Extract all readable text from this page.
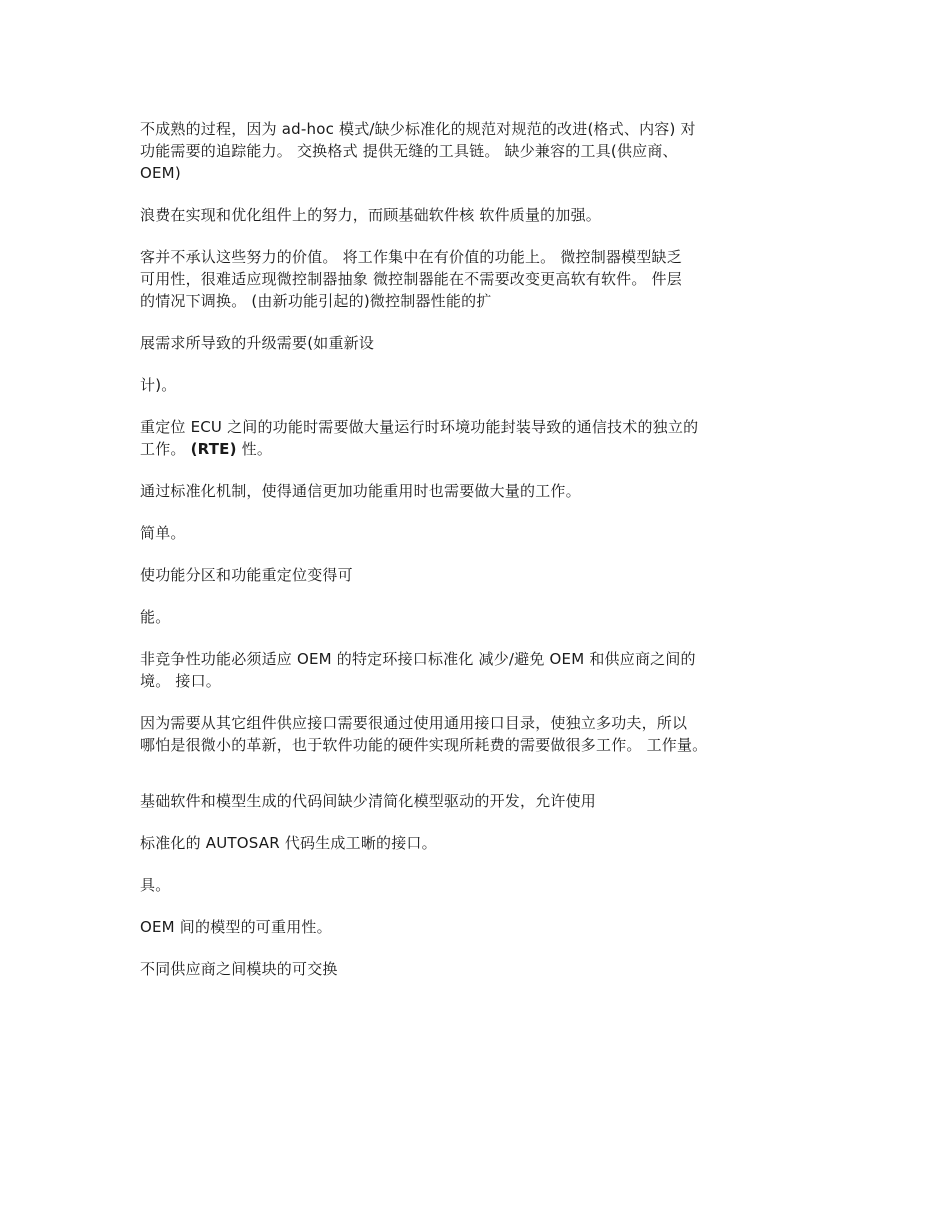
不成熟的过程，因为 ad-hoc 模式/缺少标准化的规范对规范的改进(格式、内容) 对
功能需要的追踪能力。 交换格式 提供无缝的工具链。 缺少兼容的工具(供应商、
OEM)

浪费在实现和优化组件上的努力，而顾基础软件核 软件质量的加强。

客并不承认这些努力的价值。 将工作集中在有价值的功能上。 微控制器模型缺乏
可用性，很难适应现微控制器抽象 微控制器能在不需要改变更高软有软件。 件层
的情况下调换。 (由新功能引起的)微控制器性能的扩

展需求所导致的升级需要(如重新设

计)。

重定位 ECU 之间的功能时需要做大量运行时环境功能封装导致的通信技术的独立的
工作。 (RTE) 性。

通过标准化机制，使得通信更加功能重用时也需要做大量的工作。

简单。

使功能分区和功能重定位变得可

能。

非竞争性功能必须适应 OEM 的特定环接口标准化 减少/避免 OEM 和供应商之间的
境。 接口。

因为需要从其它组件供应接口需要很通过使用通用接口目录，使独立多功夫，所以
哪怕是很微小的革新，也于软件功能的硬件实现所耗费的需要做很多工作。 工作量。

基础软件和模型生成的代码间缺少清简化模型驱动的开发，允许使用

标准化的 AUTOSAR 代码生成工晰的接口。

具。

OEM 间的模型的可重用性。

不同供应商之间模块的可交换
